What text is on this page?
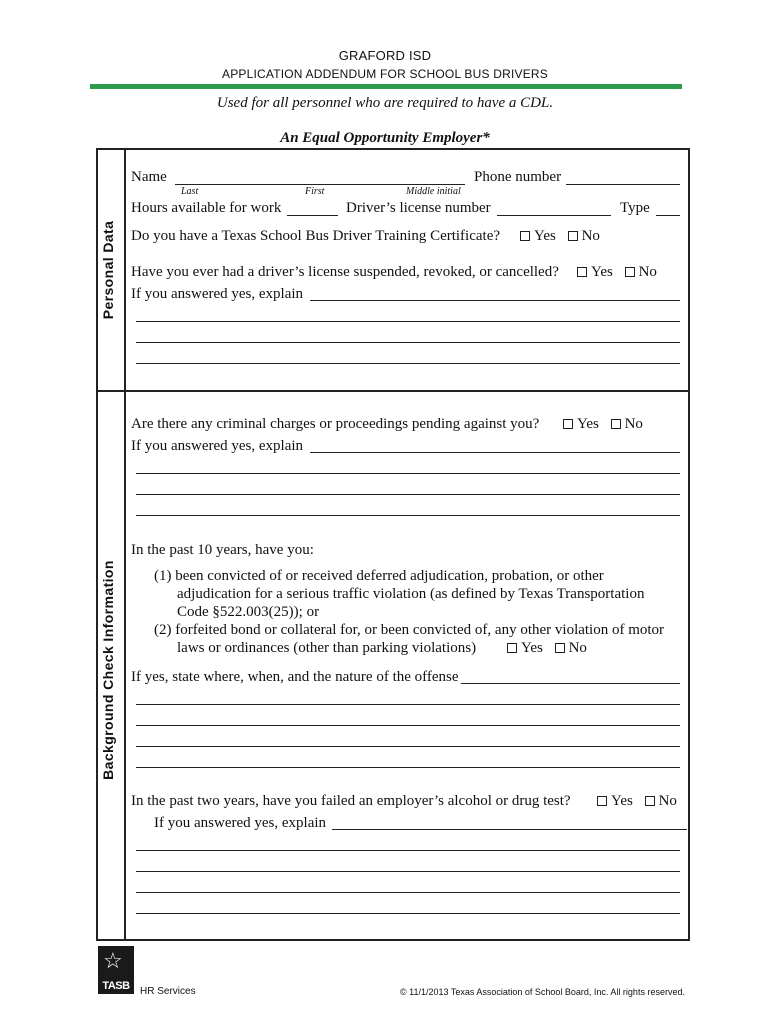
GRAFORD ISD
APPLICATION ADDENDUM FOR SCHOOL BUS DRIVERS
Used for all personnel who are required to have a CDL.
An Equal Opportunity Employer*
Personal Data
Background Check Information
Name	Phone number
Last	First	Middle initial
Hours available for work	Driver’s license number	Type
Do you have a Texas School Bus Driver Training Certificate?	Yes No
Have you ever had a driver’s license suspended, revoked, or cancelled?	Yes No
If you answered yes, explain
Are there any criminal charges or proceedings pending against you?	Yes No
If you answered yes, explain
In the past 10 years, have you:
(1) been convicted of or received deferred adjudication, probation, or other
adjudication for a serious traffic violation (as defined by Texas Transportation
Code §522.003(25)); or
(2) forfeited bond or collateral for, or been convicted of, any other violation of motor
laws or ordinances (other than parking violations)	Yes No
If yes, state where, when, and the nature of the offense
In the past two years, have you failed an employer’s alcohol or drug test?	Yes No
If you answered yes, explain
☆
TASB	HR Services	© 11/1/2013 Texas Association of School Board, Inc. All rights reserved.
